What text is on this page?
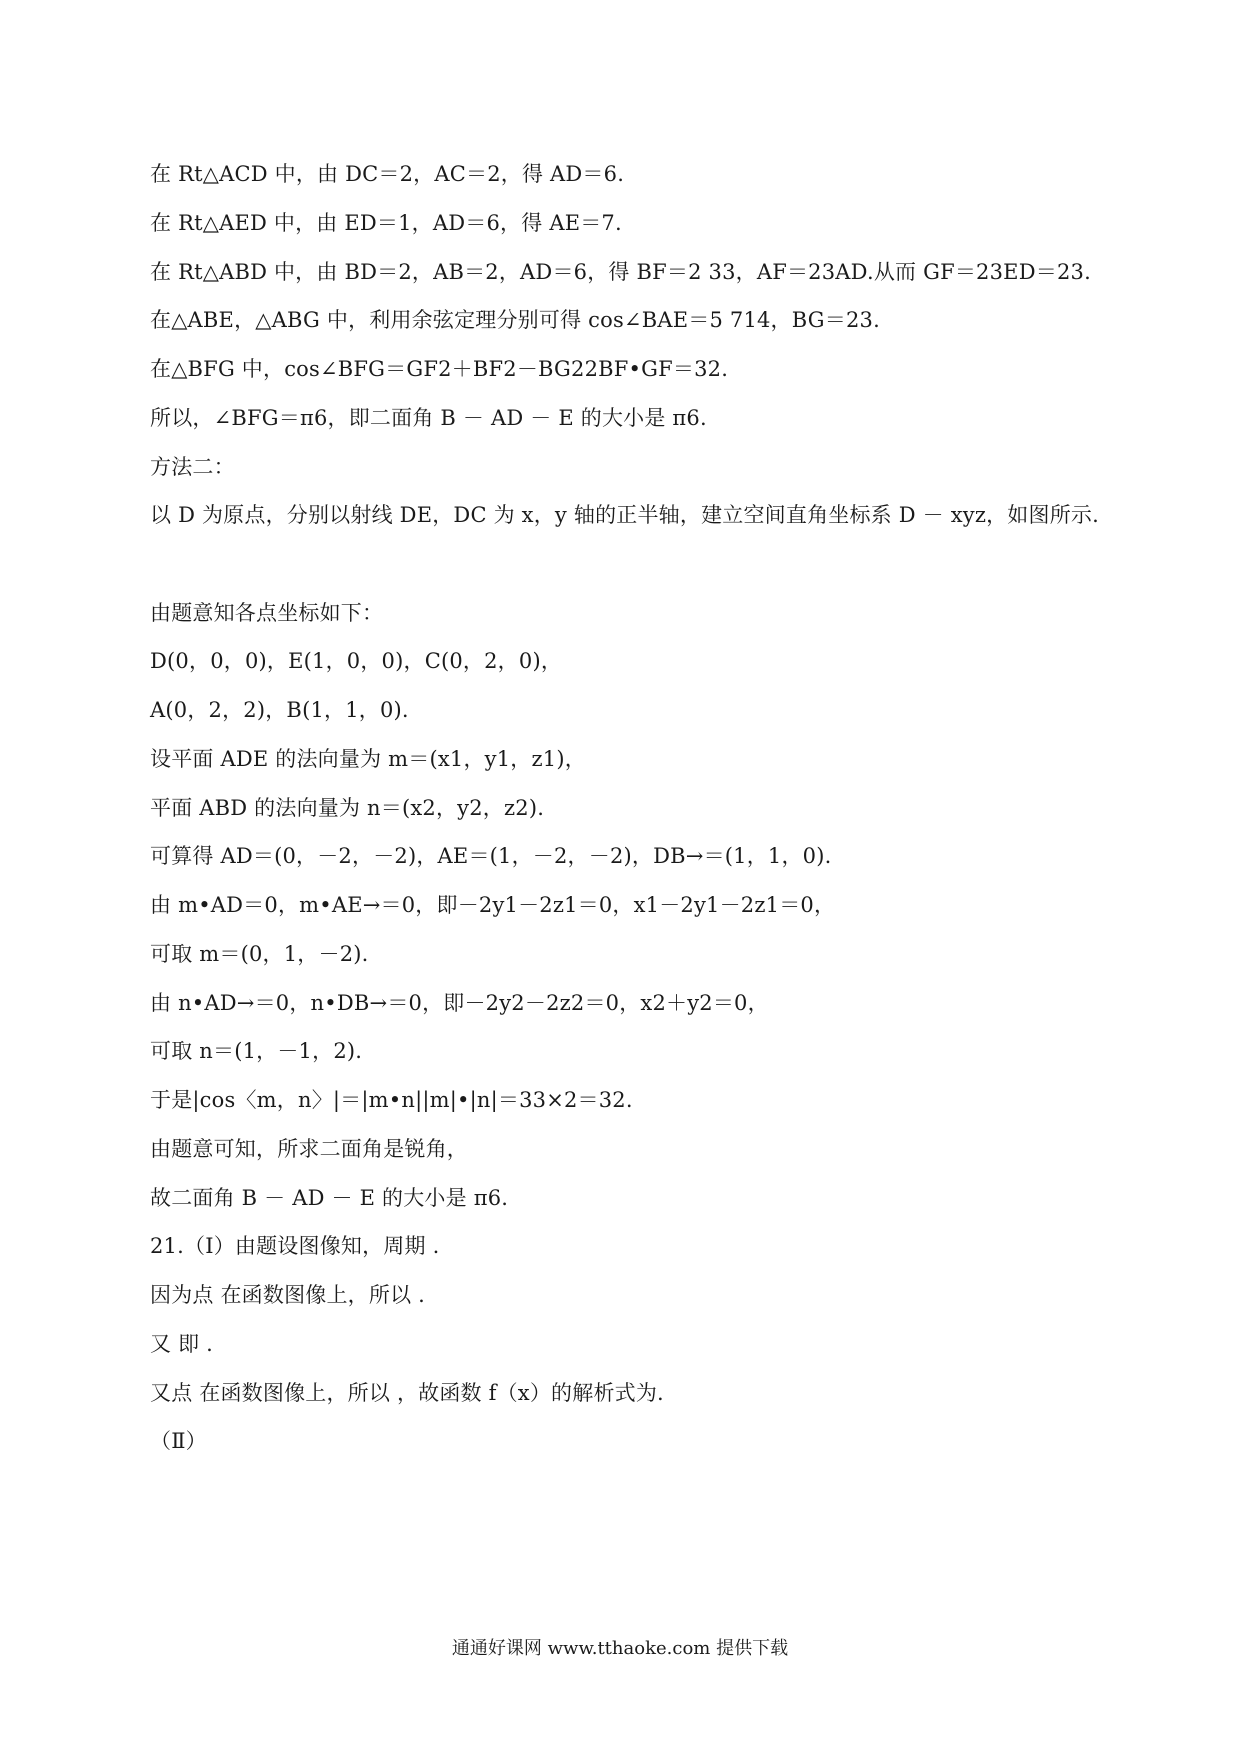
在 Rt△ACD 中，由 DC＝2，AC＝2，得 AD＝6.
在 Rt△AED 中，由 ED＝1，AD＝6，得 AE＝7.
在 Rt△ABD 中，由 BD＝2，AB＝2，AD＝6，得 BF＝2 33，AF＝23AD.从而 GF＝23ED＝23.
在△ABE，△ABG 中，利用余弦定理分别可得 cos∠BAE＝5 714，BG＝23.
在△BFG 中，cos∠BFG＝GF2＋BF2－BG22BF•GF＝32.
所以，∠BFG＝π6，即二面角 B － AD － E 的大小是 π6.
方法二：
以 D 为原点，分别以射线 DE，DC 为 x，y 轴的正半轴，建立空间直角坐标系 D － xyz，如图所示.
由题意知各点坐标如下：
D(0，0，0)，E(1，0，0)，C(0，2，0)，
A(0，2，2)，B(1，1，0).
设平面 ADE 的法向量为 m＝(x1，y1，z1)，
平面 ABD 的法向量为 n＝(x2，y2，z2).
可算得 AD＝(0，－2，－2)，AE＝(1，－2，－2)，DB→＝(1，1，0).
由 m•AD＝0，m•AE→＝0，即－2y1－2z1＝0，x1－2y1－2z1＝0，
可取 m＝(0，1，－2).
由 n•AD→＝0，n•DB→＝0，即－2y2－2z2＝0，x2＋y2＝0，
可取 n＝(1，－1，2).
于是|cos〈m，n〉|＝|m•n||m|•|n|＝33×2＝32.
由题意可知，所求二面角是锐角，
故二面角 B － AD － E 的大小是 π6.
21.（Ⅰ）由题设图像知，周期 .
因为点 在函数图像上，所以 .
又 即 .
又点 在函数图像上，所以 ，故函数 f（x）的解析式为.
（Ⅱ）
通通好课网 www.tthaoke.com 提供下载
